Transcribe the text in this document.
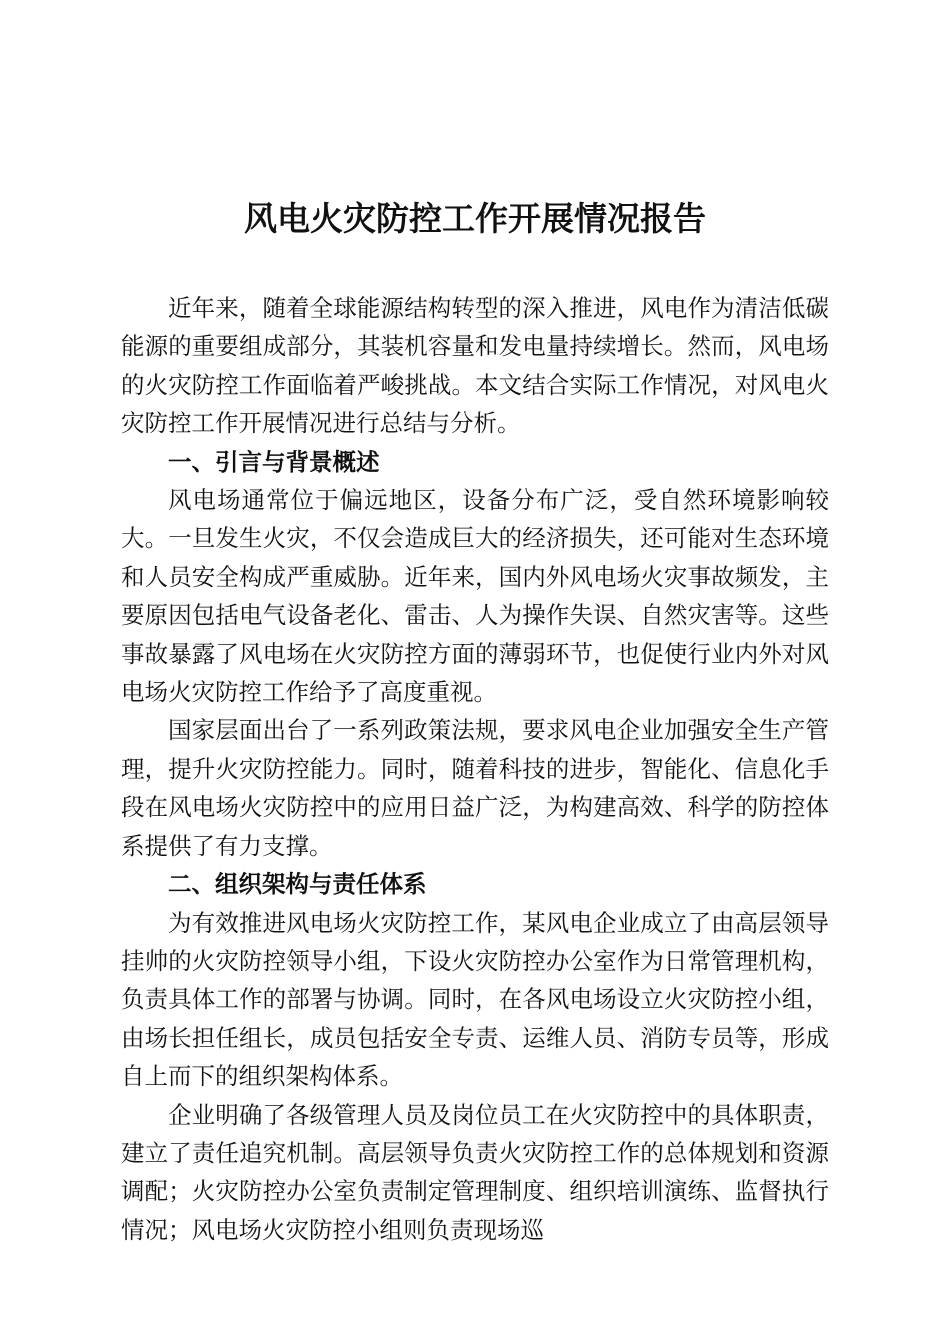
风电火灾防控工作开展情况报告

近年来，随着全球能源结构转型的深入推进，风电作为清洁低碳能源的重要组成部分，其装机容量和发电量持续增长。然而，风电场的火灾防控工作面临着严峻挑战。本文结合实际工作情况，对风电火灾防控工作开展情况进行总结与分析。

一、引言与背景概述

风电场通常位于偏远地区，设备分布广泛，受自然环境影响较大。一旦发生火灾，不仅会造成巨大的经济损失，还可能对生态环境和人员安全构成严重威胁。近年来，国内外风电场火灾事故频发，主要原因包括电气设备老化、雷击、人为操作失误、自然灾害等。这些事故暴露了风电场在火灾防控方面的薄弱环节，也促使行业内外对风电场火灾防控工作给予了高度重视。

国家层面出台了一系列政策法规，要求风电企业加强安全生产管理，提升火灾防控能力。同时，随着科技的进步，智能化、信息化手段在风电场火灾防控中的应用日益广泛，为构建高效、科学的防控体系提供了有力支撑。

二、组织架构与责任体系

为有效推进风电场火灾防控工作，某风电企业成立了由高层领导挂帅的火灾防控领导小组，下设火灾防控办公室作为日常管理机构，负责具体工作的部署与协调。同时，在各风电场设立火灾防控小组，由场长担任组长，成员包括安全专责、运维人员、消防专员等，形成自上而下的组织架构体系。

企业明确了各级管理人员及岗位员工在火灾防控中的具体职责，建立了责任追究机制。高层领导负责火灾防控工作的总体规划和资源调配；火灾防控办公室负责制定管理制度、组织培训演练、监督执行情况；风电场火灾防控小组则负责现场巡
